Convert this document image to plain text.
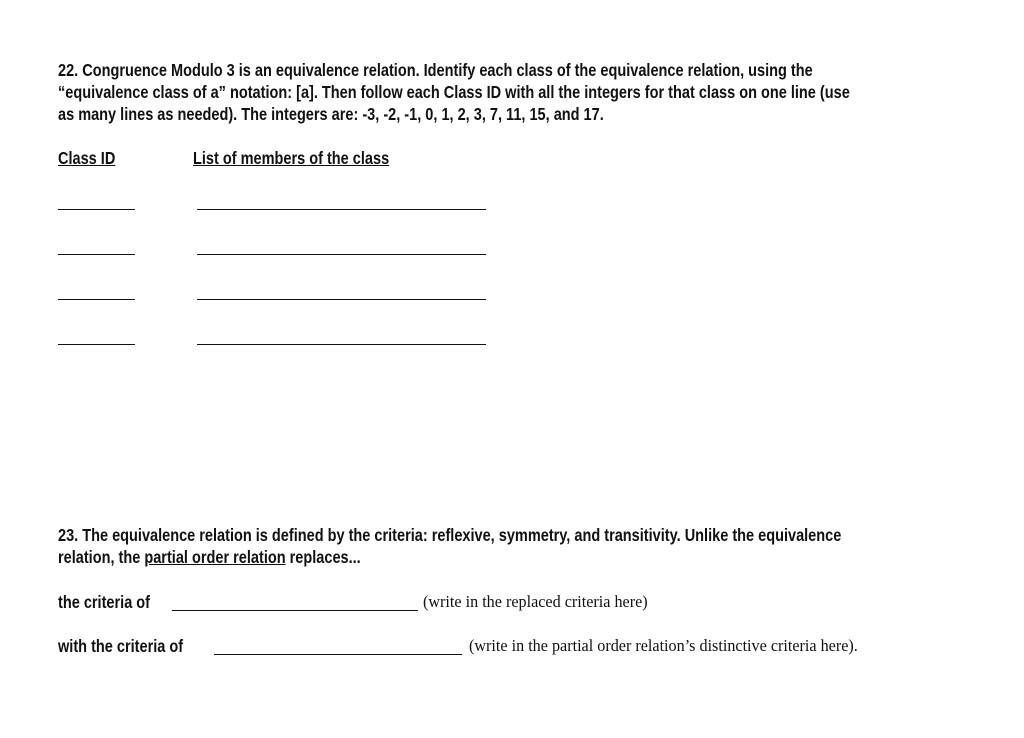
22. Congruence Modulo 3 is an equivalence relation. Identify each class of the equivalence relation, using the
“equivalence class of a” notation: [a]. Then follow each Class ID with all the integers for that class on one line (use
as many lines as needed). The integers are: -3, -2, -1, 0, 1, 2, 3, 7, 11, 15, and 17.
Class ID	List of members of the class
23. The equivalence relation is defined by the criteria: reflexive, symmetry, and transitivity. Unlike the equivalence
relation, the partial order relation replaces...
the criteria of	(write in the replaced criteria here)
with the criteria of	(write in the partial order relation’s distinctive criteria here).
